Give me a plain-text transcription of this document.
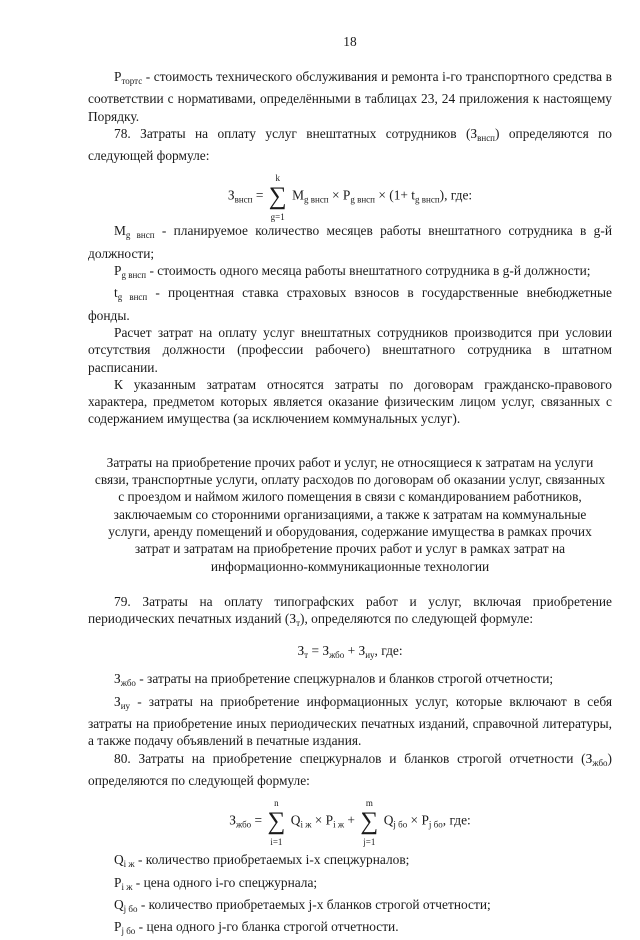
18

$P_{тортс}$ - стоимость технического обслуживания и ремонта i-го транспортного средства в соответствии с нормативами, определёнными в таблицах 23, 24 приложения к настоящему Порядку.

78. Затраты на оплату услуг внештатных сотрудников $(З_{внсп})$ определяются по следующей формуле:

$З_{внсп}$ =
k
∑
g=1
$M_{g внсп} \times P_{g внсп} \times (1+ t_{g внсп})$, где:

$M_{g внсп}$ - планируемое количество месяцев работы внештатного сотрудника в g-й должности;

$P_{g внсп}$ - стоимость одного месяца работы внештатного сотрудника в g-й должности;

$t_{g внсп}$ - процентная ставка страховых взносов в государственные внебюджетные фонды.

Расчет затрат на оплату услуг внештатных сотрудников производится при условии отсутствия должности (профессии рабочего) внештатного сотрудника в штатном расписании.

К указанным затратам относятся затраты по договорам гражданско-правового характера, предметом которых является оказание физическим лицом услуг, связанных с содержанием имущества (за исключением коммунальных услуг).

Затраты на приобретение прочих работ и услуг, не относящиеся к затратам на услуги связи, транспортные услуги, оплату расходов по договорам об оказании услуг, связанных с проездом и наймом жилого помещения в связи с командированием работников, заключаемым со сторонними организациями, а также к затратам на коммунальные услуги, аренду помещений и оборудования, содержание имущества в рамках прочих затрат и затратам на приобретение прочих работ и услуг в рамках затрат на информационно-коммуникационные технологии

79. Затраты на оплату типографских работ и услуг, включая приобретение периодических печатных изданий $(З_т)$, определяются по следующей формуле:

$З_т = З_{жбо} + З_{иу}$, где:

$З_{жбо}$ - затраты на приобретение спецжурналов и бланков строгой отчетности;

$З_{иу}$ - затраты на приобретение информационных услуг, которые включают в себя затраты на приобретение иных периодических печатных изданий, справочной литературы, а также подачу объявлений в печатные издания.

80. Затраты на приобретение спецжурналов и бланков строгой отчетности $(З_{жбо})$ определяются по следующей формуле:

$З_{жбо}$ =
n
∑
i=1
$Q_{i ж} \times P_{i ж}$ +
m
∑
j=1
$Q_{j бо} \times P_{j бо}$, где:

$Q_{i ж}$ - количество приобретаемых i-х спецжурналов;

$P_{i ж}$ - цена одного i-го спецжурнала;

$Q_{j бо}$ - количество приобретаемых j-х бланков строгой отчетности;

$P_{j бо}$ - цена одного j-го бланка строгой отчетности.
